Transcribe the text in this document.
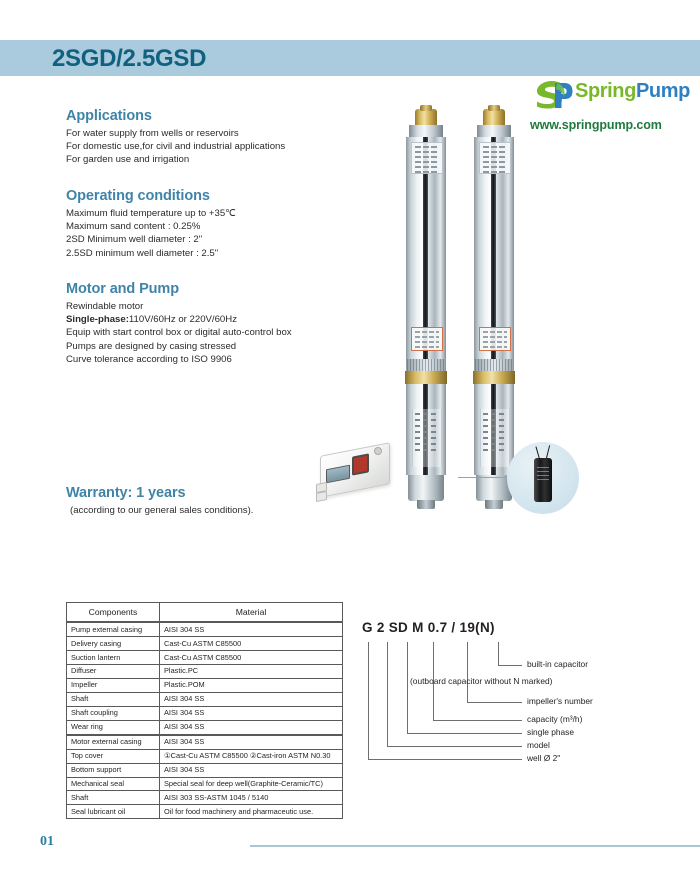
2SGD/2.5GSD
SpringPump
www.springpump.com
Applications
For water supply from wells or reservoirs
For domestic use,for civil and industrial applications
For garden use and irrigation
Operating conditions
Maximum fluid temperature up to +35℃
Maximum sand content : 0.25%
2SD Minimum well diameter : 2"
2.5SD minimum well diameter : 2.5"
Motor and Pump
Rewindable motor
Single-phase:110V/60Hz or 220V/60Hz
Equip with start control box or digital auto-control box
Pumps are designed by casing stressed
Curve tolerance according to ISO 9906
Warranty: 1 years
(according to our general sales conditions).
Components	Material
Pump external casing	AISI 304 SS
Delivery casing	Cast-Cu ASTM C85500
Suction lantern	Cast-Cu ASTM C85500
Diffuser	Plastic.PC
Impeller	Plastic.POM
Shaft	AISI 304 SS
Shaft coupling	AISI 304 SS
Wear ring	AISI 304 SS
Motor external casing	AISI 304 SS
Top cover	①Cast-Cu ASTM C85500 ②Cast-iron ASTM N0.30
Bottom support	AISI 304 SS
Mechanical seal	Special seal for deep well(Graphite-Ceramic/TC)
Shaft	AISI 303 SS-ASTM 1045 / 5140
Seal lubricant oil	Oil for food machinery and pharmaceutic use.
G 2 SD M 0.7 / 19(N)
built-in capacitor
(outboard capacitor without N marked)
impeller's number
capacity (m³/h)
single phase
model
well Ø 2"
01
